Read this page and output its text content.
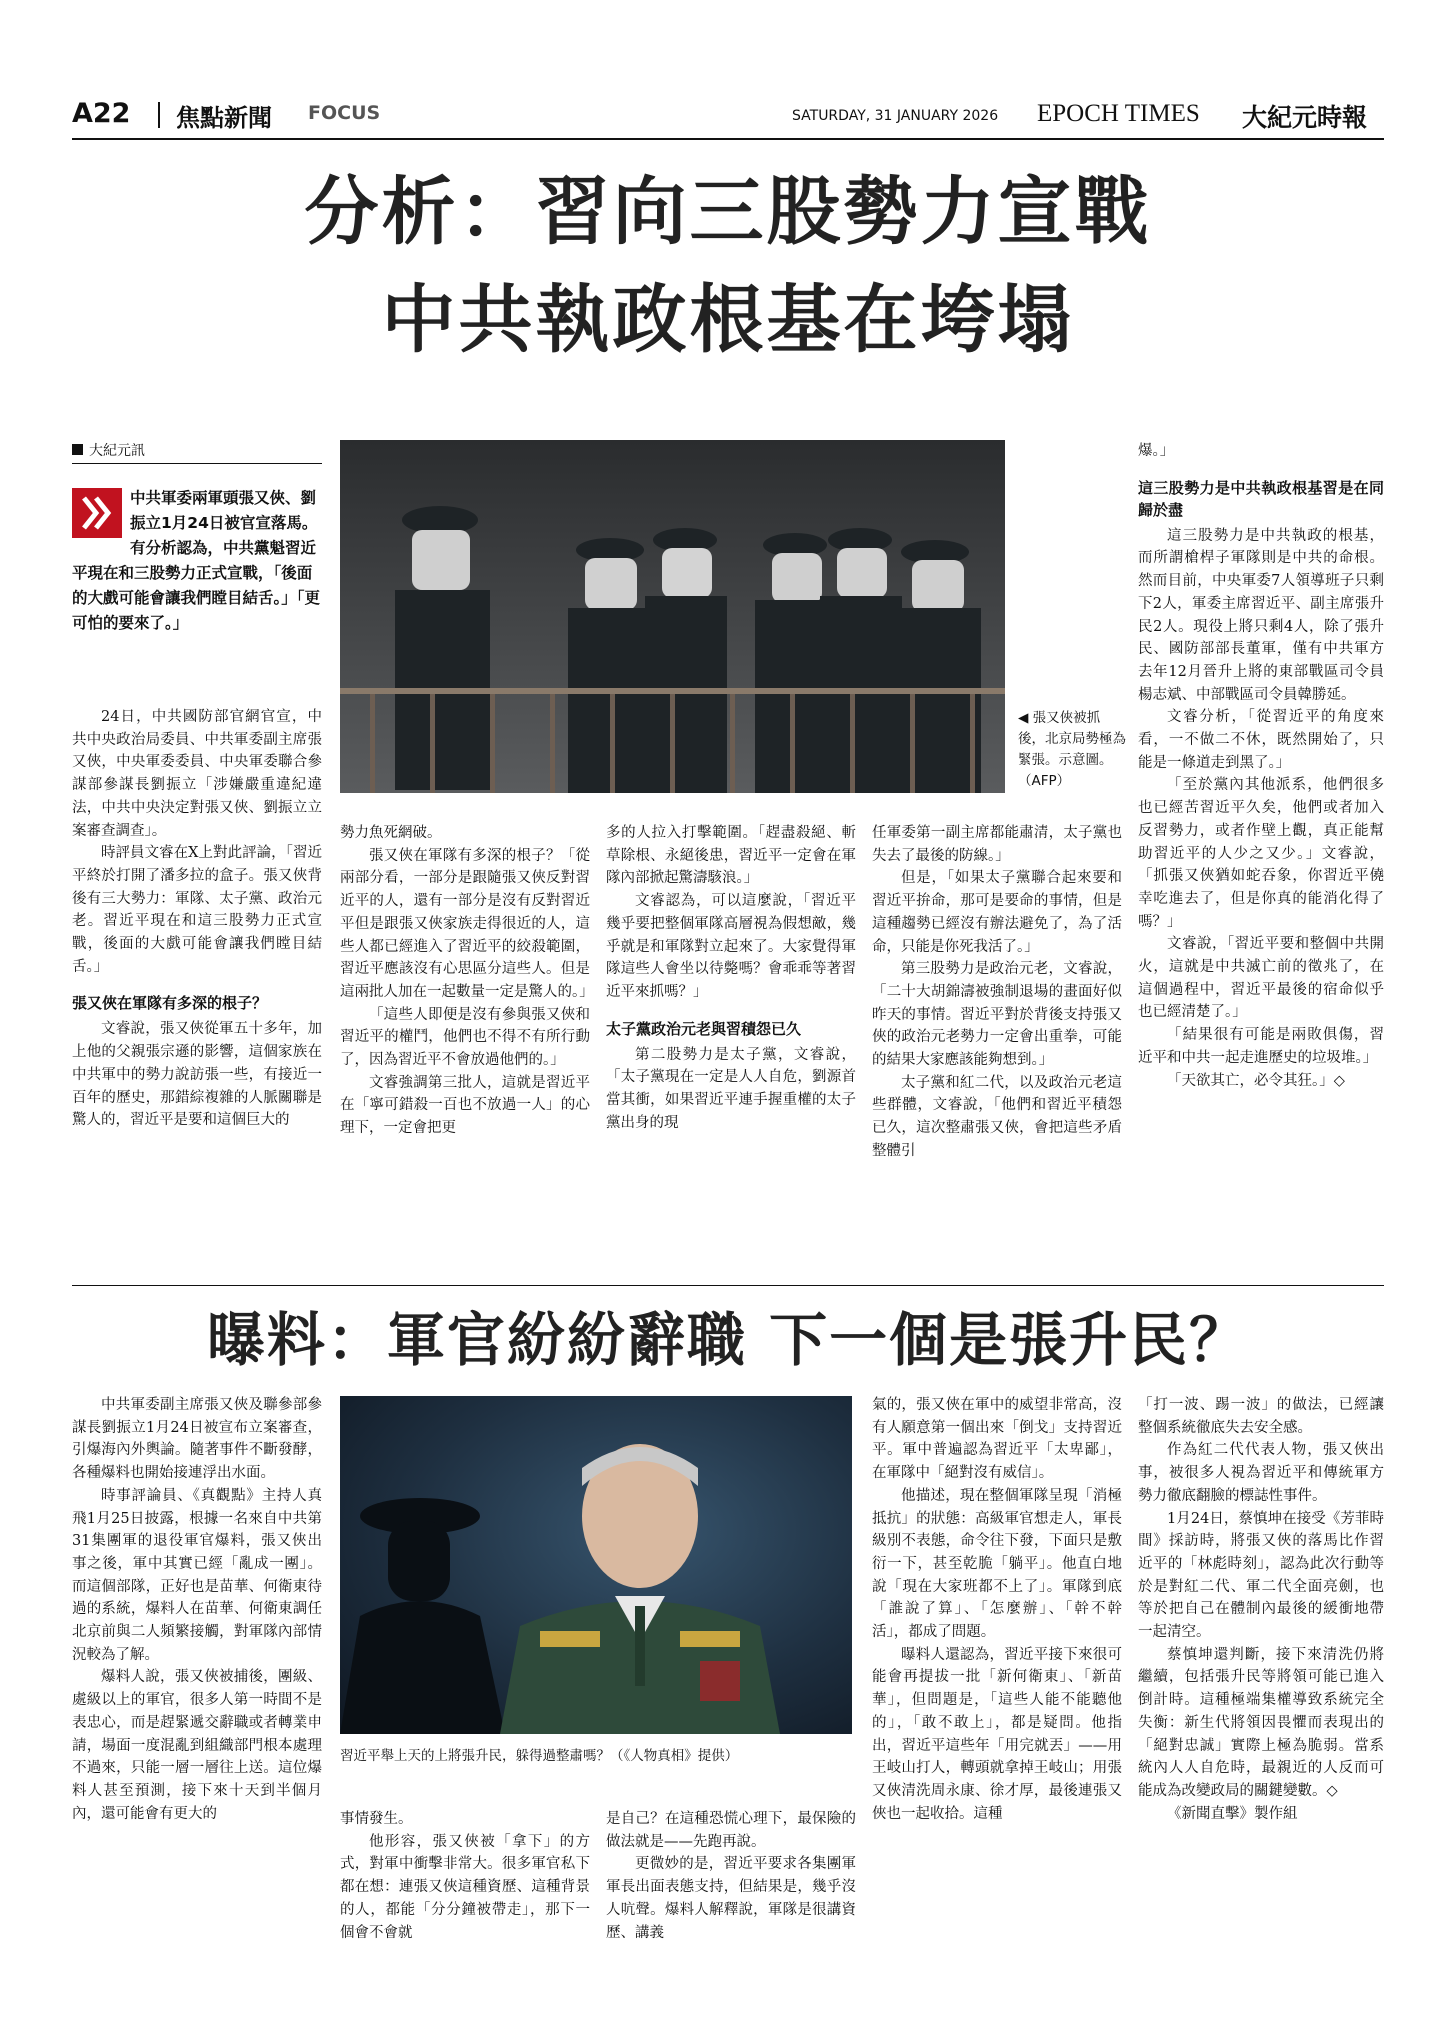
A22 焦點新聞 FOCUS	SATURDAY, 31 JANUARY 2026 EPOCH TIMES 大紀元時報
分析：習向三股勢力宣戰
中共執政根基在垮塌
大紀元訊
中共軍委兩軍頭張又俠、劉振立1月24日被官宣落馬。有分析認為，中共黨魁習近平現在和三股勢力正式宣戰，「後面的大戲可能會讓我們瞠目結舌。」「更可怕的要來了。」
◀ 張又俠被抓後，北京局勢極為緊張。示意圖。（AFP）

24日，中共國防部官網官宣，中共中央政治局委員、中共軍委副主席張又俠，中央軍委委員、中央軍委聯合參謀部參謀長劉振立「涉嫌嚴重違紀違法，中共中央決定對張又俠、劉振立立案審查調查」。

時評員文睿在X上對此評論，「習近平終於打開了潘多拉的盒子。張又俠背後有三大勢力：軍隊、太子黨、政治元老。習近平現在和這三股勢力正式宣戰，後面的大戲可能會讓我們瞠目結舌。」

張又俠在軍隊有多深的根子？

文睿說，張又俠從軍五十多年，加上他的父親張宗遜的影響，這個家族在中共軍中的勢力說訪張一些，有接近一百年的歷史，那錯綜複雜的人脈關聯是驚人的，習近平是要和這個巨大的

勢力魚死網破。

張又俠在軍隊有多深的根子？「從兩部分看，一部分是跟隨張又俠反對習近平的人，還有一部分是沒有反對習近平但是跟張又俠家族走得很近的人，這些人都已經進入了習近平的絞殺範圍，習近平應該沒有心思區分這些人。但是這兩批人加在一起數量一定是驚人的。」

「這些人即便是沒有參與張又俠和習近平的權鬥，他們也不得不有所行動了，因為習近平不會放過他們的。」

文睿強調第三批人，這就是習近平在「寧可錯殺一百也不放過一人」的心理下，一定會把更

多的人拉入打擊範圍。「趕盡殺絕、斬草除根、永絕後患，習近平一定會在軍隊內部掀起驚濤駭浪。」

文睿認為，可以這麼說，「習近平幾乎要把整個軍隊高層視為假想敵，幾乎就是和軍隊對立起來了。大家覺得軍隊這些人會坐以待斃嗎？會乖乖等著習近平來抓嗎？」

太子黨政治元老與習積怨已久

第二股勢力是太子黨，文睿說，「太子黨現在一定是人人自危，劉源首當其衝，如果習近平連手握重權的太子黨出身的現

任軍委第一副主席都能肅清，太子黨也失去了最後的防線。」

但是，「如果太子黨聯合起來要和習近平拚命，那可是要命的事情，但是這種趨勢已經沒有辦法避免了，為了活命，只能是你死我活了。」

第三股勢力是政治元老，文睿說，「二十大胡錦濤被強制退場的畫面好似昨天的事情。習近平對於背後支持張又俠的政治元老勢力一定會出重拳，可能的結果大家應該能夠想到。」

太子黨和紅二代，以及政治元老這些群體，文睿說，「他們和習近平積怨已久，這次整肅張又俠，會把這些矛盾整體引

爆。」

這三股勢力是中共執政根基習是在同歸於盡

這三股勢力是中共執政的根基，而所謂槍桿子軍隊則是中共的命根。然而目前，中央軍委7人領導班子只剩下2人，軍委主席習近平、副主席張升民2人。現役上將只剩4人，除了張升民、國防部部長董軍，僅有中共軍方去年12月晉升上將的東部戰區司令員楊志斌、中部戰區司令員韓勝延。

文睿分析，「從習近平的角度來看，一不做二不休，既然開始了，只能是一條道走到黑了。」

「至於黨內其他派系，他們很多也已經苦習近平久矣，他們或者加入反習勢力，或者作壁上觀，真正能幫助習近平的人少之又少。」文睿說，「抓張又俠猶如蛇吞象，你習近平僥幸吃進去了，但是你真的能消化得了嗎？」

文睿說，「習近平要和整個中共開火，這就是中共滅亡前的徵兆了，在這個過程中，習近平最後的宿命似乎也已經清楚了。」

「結果很有可能是兩敗俱傷，習近平和中共一起走進歷史的垃圾堆。」

「天欲其亡，必令其狂。」◇

曝料：軍官紛紛辭職 下一個是張升民？
習近平舉上天的上將張升民，躲得過整肅嗎？（《人物真相》提供）

中共軍委副主席張又俠及聯參部參謀長劉振立1月24日被宣布立案審查，引爆海內外輿論。隨著事件不斷發酵，各種爆料也開始接連浮出水面。

時事評論員、《真觀點》主持人真飛1月25日披露，根據一名來自中共第31集團軍的退役軍官爆料，張又俠出事之後，軍中其實已經「亂成一團」。而這個部隊，正好也是苗華、何衛東待過的系統，爆料人在苗華、何衛東調任北京前與二人頻繁接觸，對軍隊內部情況較為了解。

爆料人說，張又俠被捕後，團級、處級以上的軍官，很多人第一時間不是表忠心，而是趕緊遞交辭職或者轉業申請，場面一度混亂到組織部門根本處理不過來，只能一層一層往上送。這位爆料人甚至預測，接下來十天到半個月內，還可能會有更大的	事情發生。

他形容，張又俠被「拿下」的方式，對軍中衝擊非常大。很多軍官私下都在想：連張又俠這種資歷、這種背景的人，都能「分分鐘被帶走」，那下一個會不會就

是自己？在這種恐慌心理下，最保險的做法就是——先跑再說。

更微妙的是，習近平要求各集團軍軍長出面表態支持，但結果是，幾乎沒人吭聲。爆料人解釋說，軍隊是很講資歷、講義

氣的，張又俠在軍中的威望非常高，沒有人願意第一個出來「倒戈」支持習近平。軍中普遍認為習近平「太卑鄙」，在軍隊中「絕對沒有威信」。

他描述，現在整個軍隊呈現「消極抵抗」的狀態：高級軍官想走人，軍長級別不表態，命令往下發，下面只是敷衍一下，甚至乾脆「躺平」。他直白地說「現在大家班都不上了」。軍隊到底「誰說了算」、「怎麼辦」、「幹不幹活」，都成了問題。

曝料人還認為，習近平接下來很可能會再提拔一批「新何衛東」、「新苗華」，但問題是，「這些人能不能聽他的」，「敢不敢上」，都是疑問。他指出，習近平這些年「用完就丟」——用王岐山打人，轉頭就拿掉王岐山；用張又俠清洗周永康、徐才厚，最後連張又俠也一起收拾。這種

「打一波、踢一波」的做法，已經讓整個系統徹底失去安全感。

作為紅二代代表人物，張又俠出事，被很多人視為習近平和傳統軍方勢力徹底翻臉的標誌性事件。

1月24日，蔡慎坤在接受《芳菲時間》採訪時，將張又俠的落馬比作習近平的「林彪時刻」，認為此次行動等於是對紅二代、軍二代全面亮劍，也等於把自己在體制內最後的緩衝地帶一起清空。

蔡慎坤還判斷，接下來清洗仍將繼續，包括張升民等將領可能已進入倒計時。這種極端集權導致系統完全失衡：新生代將領因畏懼而表現出的「絕對忠誠」實際上極為脆弱。當系統內人人自危時，最親近的人反而可能成為改變政局的關鍵變數。◇

《新聞直擊》製作組
